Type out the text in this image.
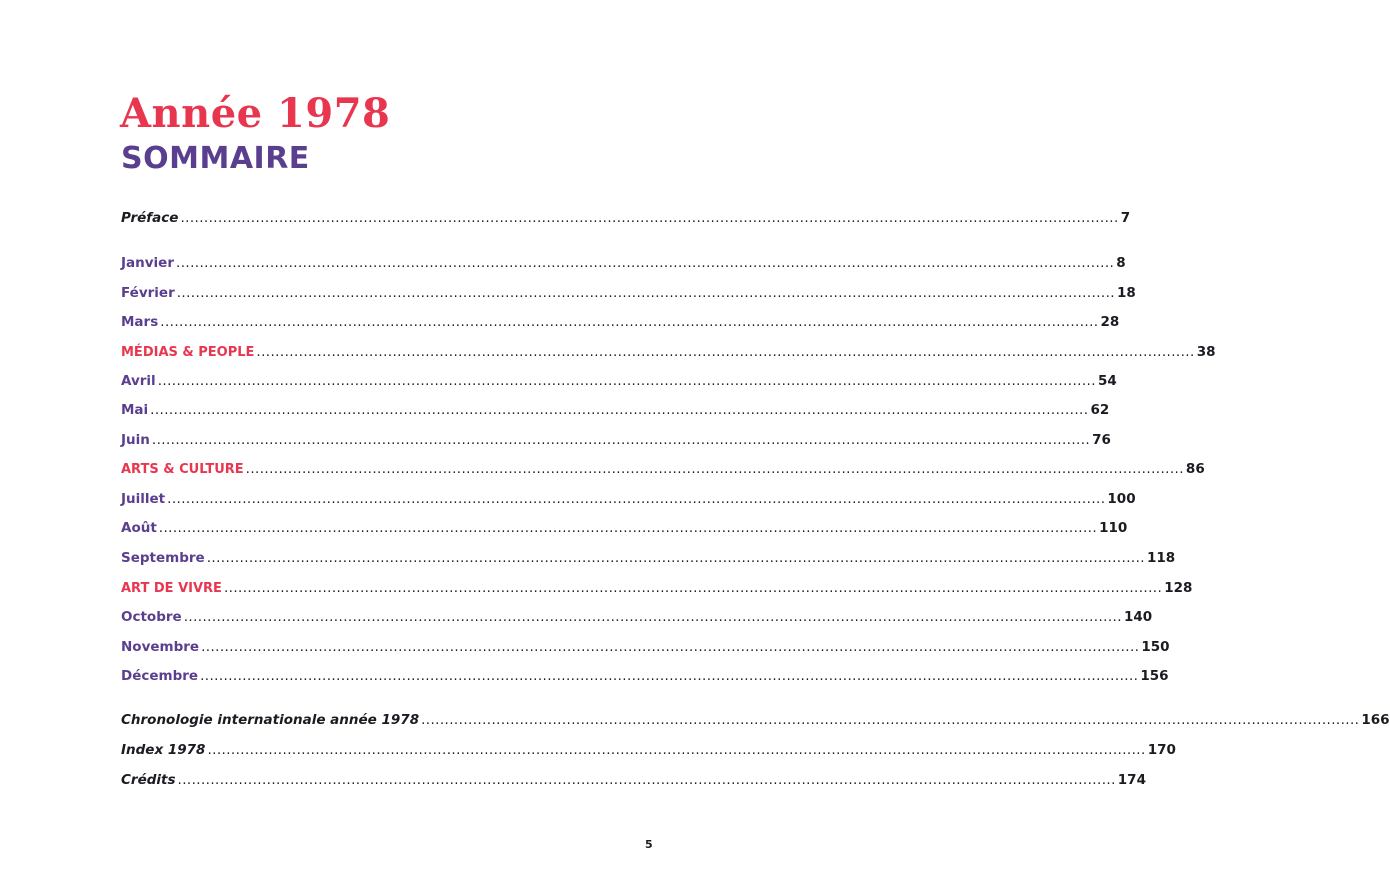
Année 1978
SOMMAIRE
Préface ........................................................................................................................................................................................................ 7
Janvier ........................................................................................................................................................................................................ 8
Février ........................................................................................................................................................................................................ 18
Mars ........................................................................................................................................................................................................ 28
MÉDIAS & PEOPLE ........................................................................................................................................................................................................ 38
Avril ........................................................................................................................................................................................................ 54
Mai ........................................................................................................................................................................................................ 62
Juin ........................................................................................................................................................................................................ 76
ARTS & CULTURE ........................................................................................................................................................................................................ 86
Juillet ........................................................................................................................................................................................................ 100
Août ........................................................................................................................................................................................................ 110
Septembre ........................................................................................................................................................................................................ 118
ART DE VIVRE ........................................................................................................................................................................................................ 128
Octobre ........................................................................................................................................................................................................ 140
Novembre ........................................................................................................................................................................................................ 150
Décembre ........................................................................................................................................................................................................ 156
Chronologie internationale année 1978 ........................................................................................................................................................................................................ 166
Index 1978 ........................................................................................................................................................................................................ 170
Crédits ........................................................................................................................................................................................................ 174
5
